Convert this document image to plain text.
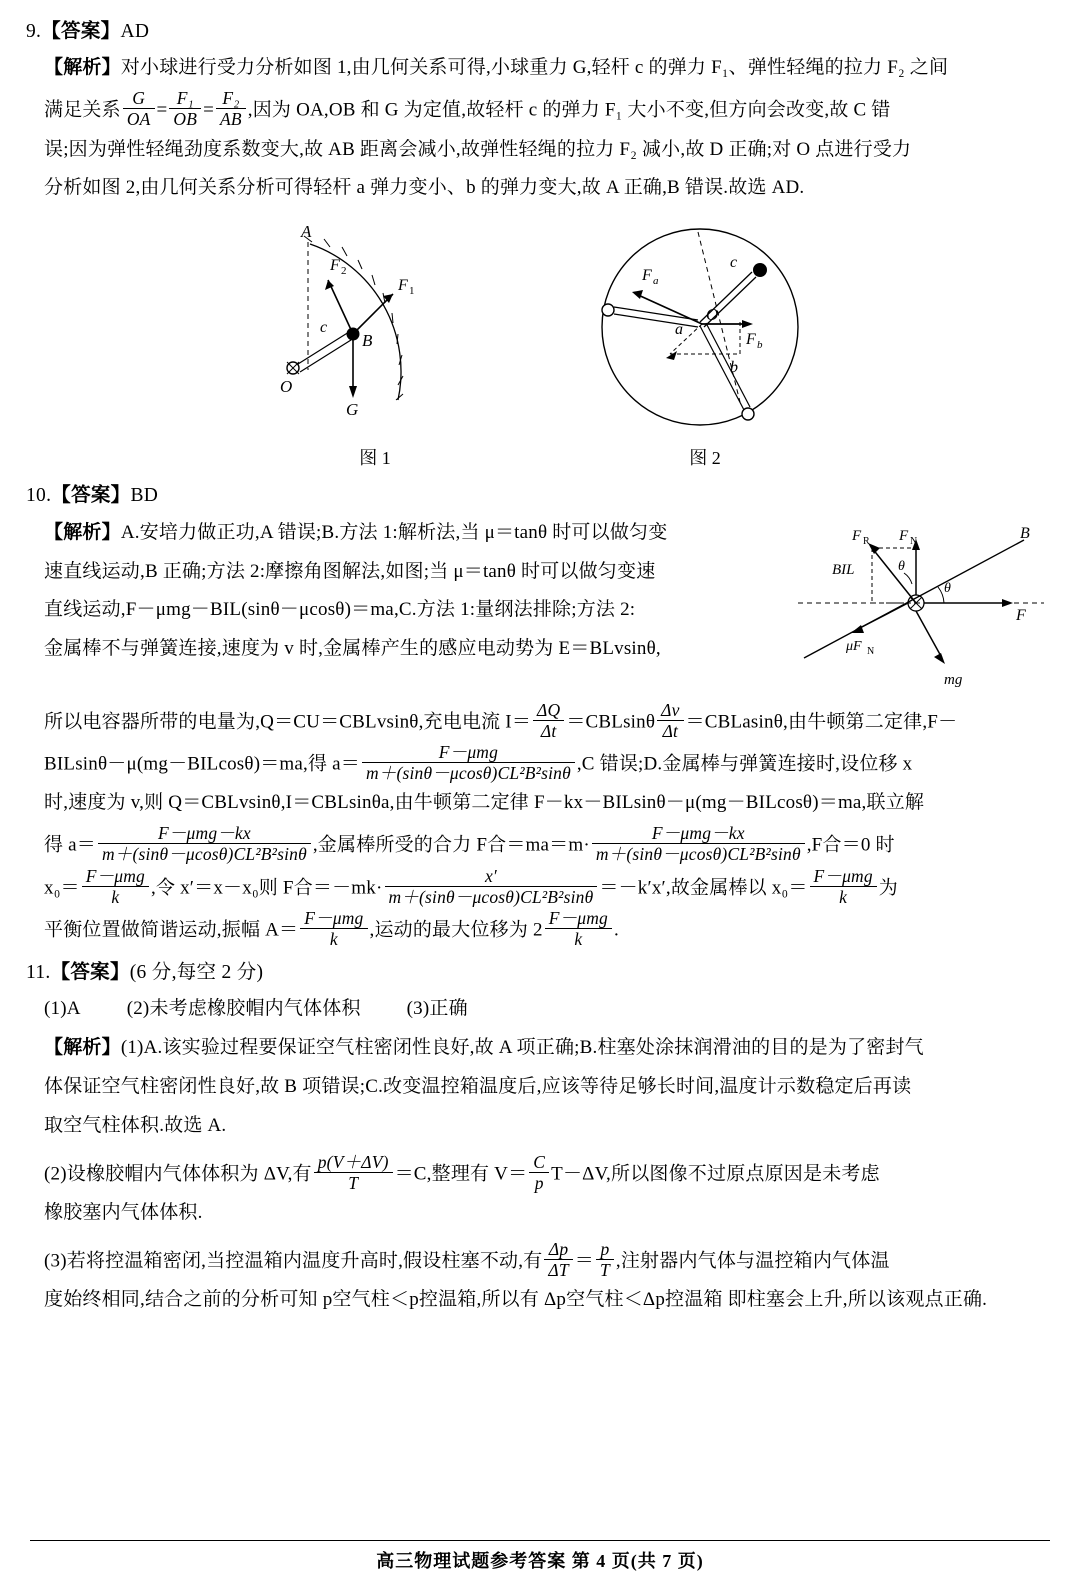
9.【答案】AD
【解析】对小球进行受力分析如图 1,由几何关系可得,小球重力 G,轻杆 c 的弹力 F₁、弹性轻绳的拉力 F₂ 之间
满足关系 $\frac{G}{OA} = \frac{\text{F₁}}{OB} = \frac{\text{F₂}}{AB}$ ,因为 OA,OB 和 G 为定值,故轻杆 c 的弹力 F₁ 大小不变,但方向会改变,故 C 错
误;因为弹性轻绳劲度系数变大,故 AB 距离会减小,故弹性轻绳的拉力 F₂ 减小,故 D 正确;对 O 点进行受力
分析如图 2,由几何关系分析可得轻杆 a 弹力变小、b 的弹力变大,故 A 正确,B 错误.故选 AD.
A
F 2
F 1
c
B
O
G
图 1
F a
c
a
O
F b
b
图 2
10.【答案】BD
F R F N	B
BIL	θ
θ
μF N
F
mg
【解析】A.安培力做正功,A 错误;B.方法 1:解析法,当 μ＝tanθ 时可以做匀变
速直线运动,B 正确;方法 2:摩擦角图解法,如图;当 μ＝tanθ 时可以做匀变速
直线运动,F－μmg－BIL(sinθ－μcosθ)＝ma,C.方法 1:量纲法排除;方法 2:
金属棒不与弹簧连接,速度为 v 时,金属棒产生的感应电动势为 E＝BLvsinθ,
所以电容器所带的电量为,Q＝CU＝CBLvsinθ,充电电流 $I= \frac{\Delta Q}{\Delta t} =CBLsin\theta \frac{\Delta v}{\Delta t}$ ＝CBLasinθ,由牛顿第二定律,F－
BILsinθ－μ(mg－BILcosθ)＝ma,得 $a= \frac{\text{F－μmg}}{\text{m＋(sinθ－μcosθ)CL²B²sinθ}} ,C$ 错误;D.金属棒与弹簧连接时,设位移 x
时,速度为 v,则 Q＝CBLvsinθ,I＝CBLsinθa,由牛顿第二定律 F－kx－BILsinθ－μ(mg－BILcosθ)＝ma,联立解
得 $a= \frac{\text{F－μmg－kx}}{\text{m＋(sinθ－μcosθ)CL²B²sinθ}}$ ,金属棒所受的合力 F合$=ma=m\cdot \frac{\text{F－μmg－kx}}{\text{m＋(sinθ－μcosθ)CL²B²sinθ}} ,F$合＝0 时
$x_0= \frac{\text{F－μmg}}{k}$ ,令 x′＝x－x₀则 F合$=-mk\cdot \frac{x'}{\text{m＋(sinθ－μcosθ)CL²B²sinθ}} =-k'x'$,故金属棒以 $x_0= \frac{\text{F－μmg}}{k}$ 为
平衡位置做简谐运动,振幅 $A= \frac{\text{F－μmg}}{k}$ ,运动的最大位移为 $2 \frac{\text{F－μmg}}{k}$ .
11.【答案】(6 分,每空 2 分)
(1)A (2)未考虑橡胶帽内气体体积 (3)正确
【解析】(1)A.该实验过程要保证空气柱密闭性良好,故 A 项正确;B.柱塞处涂抹润滑油的目的是为了密封气
体保证空气柱密闭性良好,故 B 项错误;C.改变温控箱温度后,应该等待足够长时间,温度计示数稳定后再读
取空气柱体积.故选 A.
(2)设橡胶帽内气体体积为 ΔV,有 $\frac{p(V+\Delta V)}{T} =C$,整理有 $V= \frac{C}{p} T-\Delta V$,所以图像不过原点原因是未考虑
橡胶塞内气体体积.
(3)若将控温箱密闭,当控温箱内温度升高时,假设柱塞不动,有 $\frac{\Delta p}{\Delta T} = \frac{p}{T}$ ,注射器内气体与温控箱内气体温
度始终相同,结合之前的分析可知 p空气柱＜p控温箱,所以有 Δp空气柱＜Δp控温箱 即柱塞会上升,所以该观点正确.
高三物理试题参考答案 第 4 页(共 7 页)
